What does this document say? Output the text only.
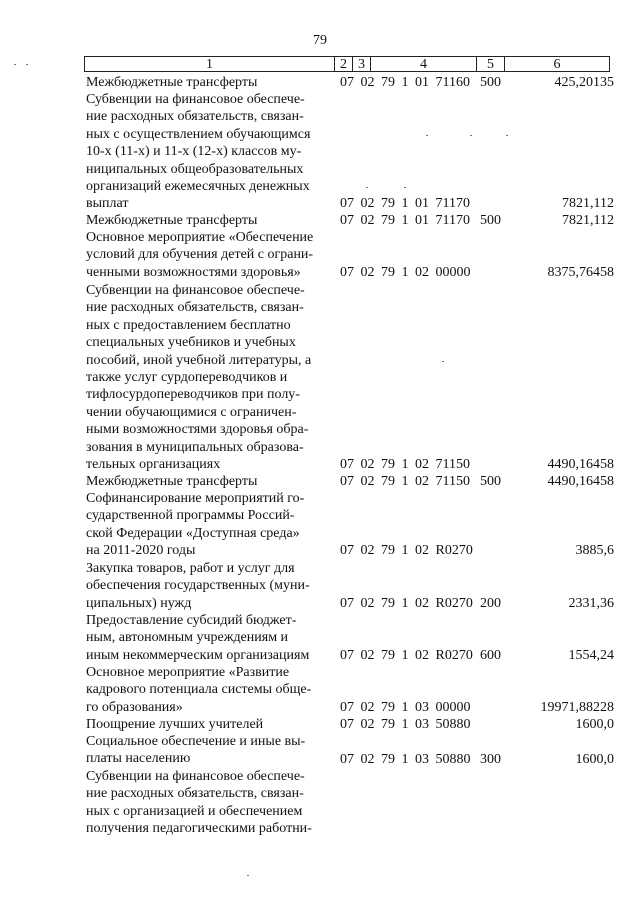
79
1	2 3	4	5	6
Межбюджетные трансферты	07 02 79 1 01 71160 500	425,20135
Субвенции на финансовое обеспече-
ние расходных обязательств, связан-
ных с осуществлением обучающимся
10-х (11-х) и 11-х (12-х) классов му-
ниципальных общеобразовательных
организаций ежемесячных денежных
выплат	07 02 79 1 01 71170	7821,112
Межбюджетные трансферты	07 02 79 1 01 71170 500	7821,112
Основное мероприятие «Обеспечение
условий для обучения детей с ограни-
ченными возможностями здоровья»	07 02 79 1 02 00000	8375,76458
Субвенции на финансовое обеспече-
ние расходных обязательств, связан-
ных с предоставлением бесплатно
специальных учебников и учебных
пособий, иной учебной литературы, а
также услуг сурдопереводчиков и
тифлосурдопереводчиков при полу-
чении обучающимися с ограничен-
ными возможностями здоровья обра-
зования в муниципальных образова-
тельных организациях	07 02 79 1 02 71150	4490,16458
Межбюджетные трансферты	07 02 79 1 02 71150 500	4490,16458
Софинансирование мероприятий го-
сударственной программы Россий-
ской Федерации «Доступная среда»
на 2011-2020 годы	07 02 79 1 02 R0270	3885,6
Закупка товаров, работ и услуг для
обеспечения государственных (муни-
ципальных) нужд	07 02 79 1 02 R0270 200	2331,36
Предоставление субсидий бюджет-
ным, автономным учреждениям и
иным некоммерческим организациям	07 02 79 1 02 R0270 600	1554,24
Основное мероприятие «Развитие
кадрового потенциала системы обще-
го образования»	07 02 79 1 03 00000	19971,88228
Поощрение лучших учителей	07 02 79 1 03 50880	1600,0
Социальное обеспечение и иные вы-
платы населению	07 02 79 1 03 50880 300	1600,0
Субвенции на финансовое обеспече-
ние расходных обязательств, связан-
ных с организацией и обеспечением
получения педагогическими работни-
